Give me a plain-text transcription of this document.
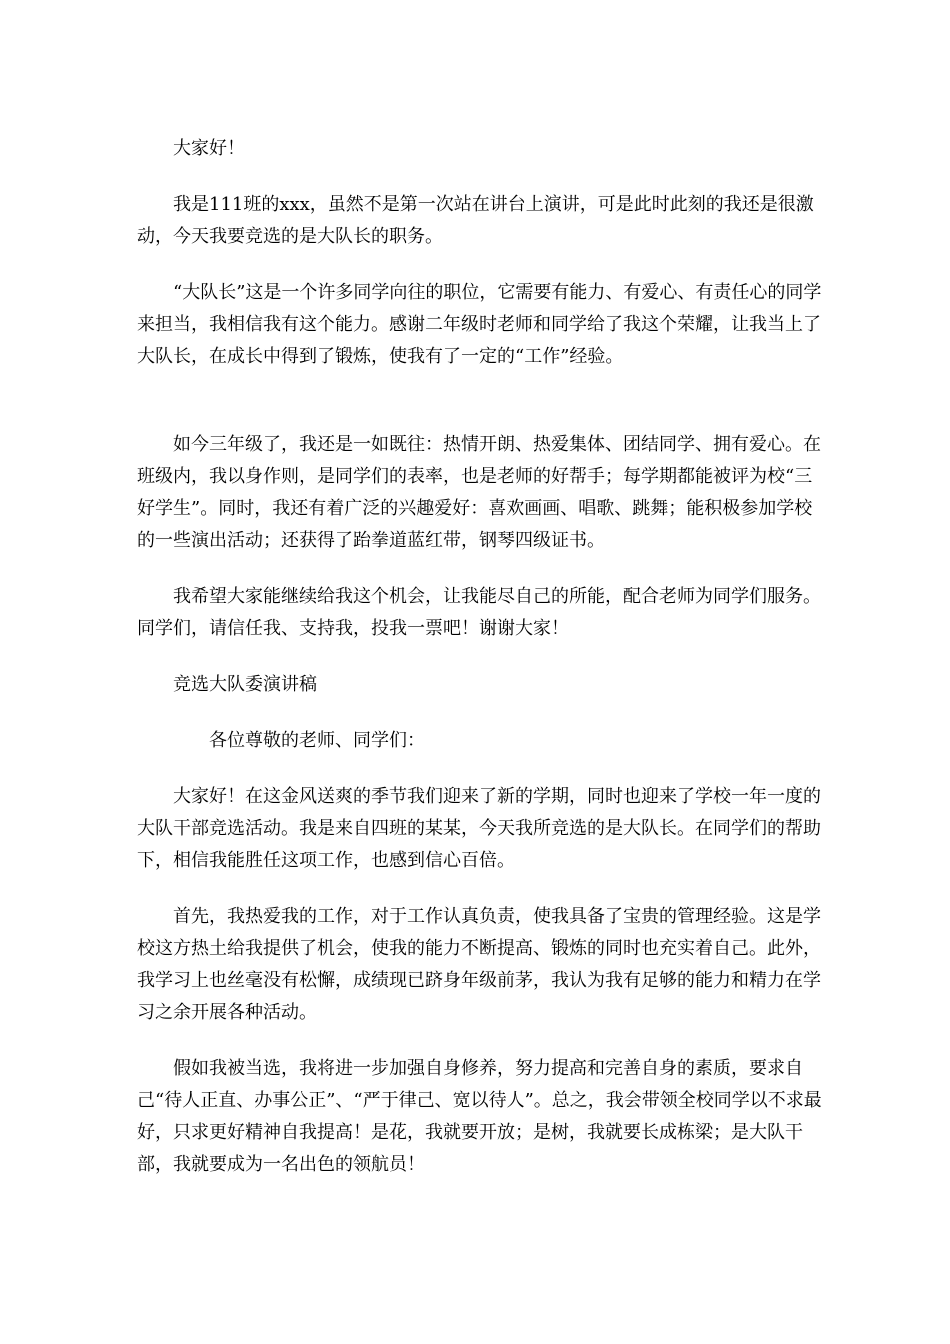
大家好！

我是111班的xxx，虽然不是第一次站在讲台上演讲，可是此时此刻的我还是很激动，今天我要竞选的是大队长的职务。

“大队长”这是一个许多同学向往的职位，它需要有能力、有爱心、有责任心的同学来担当，我相信我有这个能力。感谢二年级时老师和同学给了我这个荣耀，让我当上了大队长，在成长中得到了锻炼，使我有了一定的“工作”经验。

如今三年级了，我还是一如既往：热情开朗、热爱集体、团结同学、拥有爱心。在班级内，我以身作则，是同学们的表率，也是老师的好帮手；每学期都能被评为校“三好学生”。同时，我还有着广泛的兴趣爱好：喜欢画画、唱歌、跳舞；能积极参加学校的一些演出活动；还获得了跆拳道蓝红带，钢琴四级证书。

我希望大家能继续给我这个机会，让我能尽自己的所能，配合老师为同学们服务。同学们，请信任我、支持我，投我一票吧！谢谢大家！

竞选大队委演讲稿

各位尊敬的老师、同学们：

大家好！在这金风送爽的季节我们迎来了新的学期，同时也迎来了学校一年一度的大队干部竞选活动。我是来自四班的某某，今天我所竞选的是大队长。在同学们的帮助下，相信我能胜任这项工作，也感到信心百倍。

首先，我热爱我的工作，对于工作认真负责，使我具备了宝贵的管理经验。这是学校这方热土给我提供了机会，使我的能力不断提高、锻炼的同时也充实着自己。此外，我学习上也丝毫没有松懈，成绩现已跻身年级前茅，我认为我有足够的能力和精力在学习之余开展各种活动。

假如我被当选，我将进一步加强自身修养，努力提高和完善自身的素质，要求自己“待人正直、办事公正”、“严于律己、宽以待人”。总之，我会带领全校同学以不求最好，只求更好精神自我提高！是花，我就要开放；是树，我就要长成栋梁；是大队干部，我就要成为一名出色的领航员！
